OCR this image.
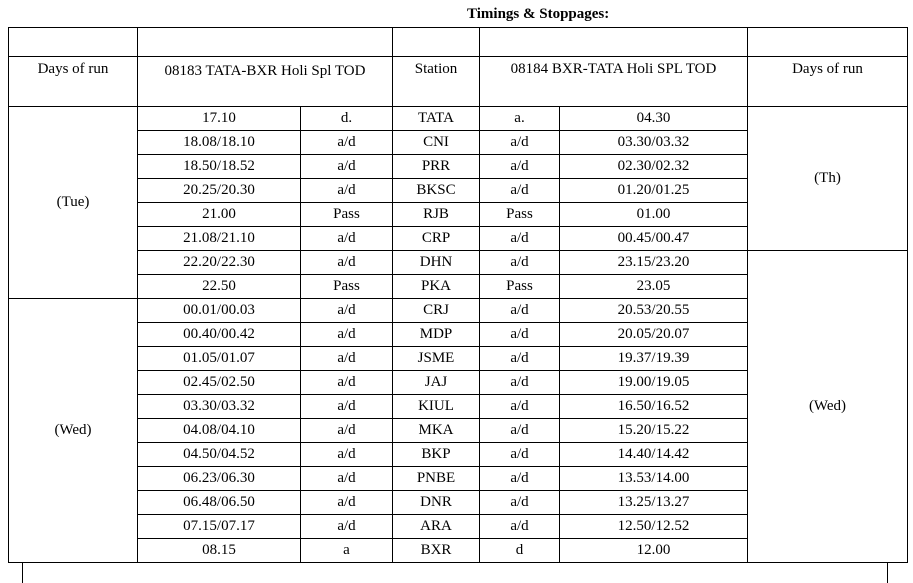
Timings & Stoppages:

Days of run	08183 TATA-BXR Holi Spl TOD		Station	08184 BXR-TATA Holi SPL TOD		Days of run
(Tue)	17.10	d.	TATA	a.	04.30	(Th)
	18.08/18.10	a/d	CNI	a/d	03.30/03.32	
	18.50/18.52	a/d	PRR	a/d	02.30/02.32	
	20.25/20.30	a/d	BKSC	a/d	01.20/01.25	
	21.00	Pass	RJB	Pass	01.00	
	21.08/21.10	a/d	CRP	a/d	00.45/00.47	
	22.20/22.30	a/d	DHN	a/d	23.15/23.20	(Wed)
	22.50	Pass	PKA	Pass	23.05	
(Wed)	00.01/00.03	a/d	CRJ	a/d	20.53/20.55	
	00.40/00.42	a/d	MDP	a/d	20.05/20.07	
	01.05/01.07	a/d	JSME	a/d	19.37/19.39	
	02.45/02.50	a/d	JAJ	a/d	19.00/19.05	
	03.30/03.32	a/d	KIUL	a/d	16.50/16.52	
	04.08/04.10	a/d	MKA	a/d	15.20/15.22	
	04.50/04.52	a/d	BKP	a/d	14.40/14.42	
	06.23/06.30	a/d	PNBE	a/d	13.53/14.00	
	06.48/06.50	a/d	DNR	a/d	13.25/13.27	
	07.15/07.17	a/d	ARA	a/d	12.50/12.52	
	08.15	a	BXR	d	12.00	
